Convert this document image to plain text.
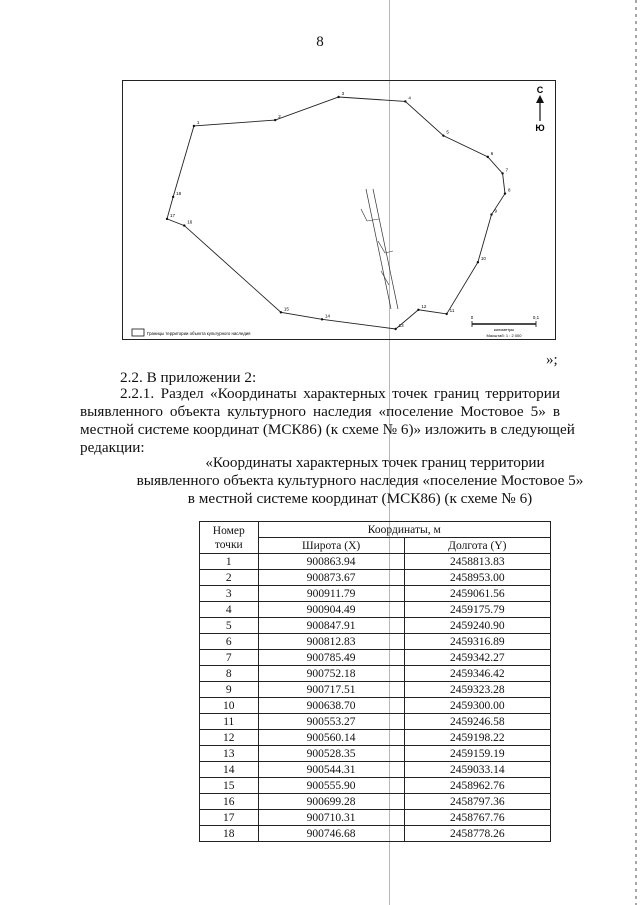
8
1
2
3
4
5
6
7
8
9
10
11
12
13
14
15
16
17
18
С
Ю
Границы территории объекта культурного наследия
0	0,1
километры
Масштаб: 1 : 2 000
»;
2.2. В приложении 2:
2.2.1. Раздел «Координаты характерных точек границ территории
выявленного объекта культурного наследия «поселение Мостовое 5» в
местной системе координат (МСК86) (к схеме № 6)» изложить в следующей
редакции:
«Координаты характерных точек границ территории
выявленного объекта культурного наследия «поселение Мостовое 5»
в местной системе координат (МСК86) (к схеме № 6)
Номер
точки	Координаты, м	
	Широта (X)	Долгота (Y)
1	900863.94	2458813.83
2	900873.67	2458953.00
3	900911.79	2459061.56
4	900904.49	2459175.79
5	900847.91	2459240.90
6	900812.83	2459316.89
7	900785.49	2459342.27
8	900752.18	2459346.42
9	900717.51	2459323.28
10	900638.70	2459300.00
11	900553.27	2459246.58
12	900560.14	2459198.22
13	900528.35	2459159.19
14	900544.31	2459033.14
15	900555.90	2458962.76
16	900699.28	2458797.36
17	900710.31	2458767.76
18	900746.68	2458778.26
